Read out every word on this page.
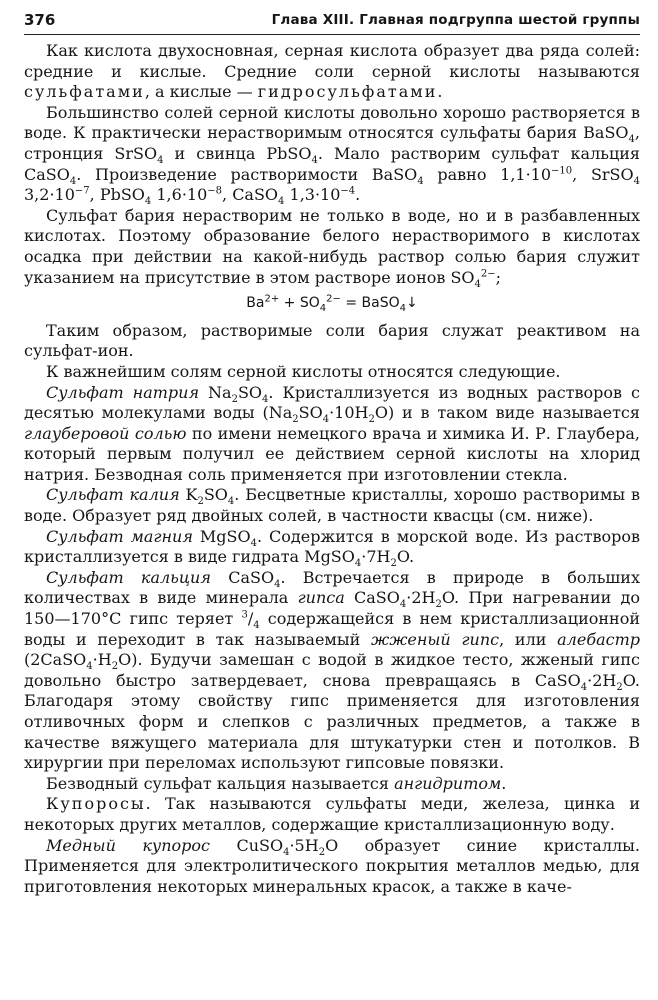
376	Глава XIII. Главная подгруппа шестой группы

Как кислота двухосновная, серная кислота образует два ряда солей: средние и кислые. Средние соли серной кислоты называются сульфатами, а кислые — гидросульфатами.

Большинство солей серной кислоты довольно хорошо растворяется в воде. К практически нерастворимым относятся сульфаты бария BaSO$_4$, стронция SrSO$_4$ и свинца PbSO$_4$. Мало растворим сульфат кальция CaSO$_4$. Произведение растворимости BaSO$_4$ равно $1,1\cdot 10^{-10}$, SrSO$_4$ $3,2\cdot 10^{-7}$, PbSO$_4$ $1,6\cdot 10^{-8}$, CaSO$_4$ $1,3\cdot 10^{-4}$.

Сульфат бария нерастворим не только в воде, но и в разбавленных кислотах. Поэтому образование белого нерастворимого в кислотах осадка при действии на какой-нибудь раствор солью бария служит указанием на присутствие в этом растворе ионов $SO_4^{2-}$;

$Ba^{2+} + SO_4^{2-}$ = BaSO$_4$↓

Таким образом, растворимые соли бария служат реактивом на сульфат-ион.

К важнейшим солям серной кислоты относятся следующие.

Сульфат натрия $Na_2SO_4$. Кристаллизуется из водных растворов с десятью молекулами воды $(Na_2SO_4\cdot 10H_2O)$ и в таком виде называется глауберовой солью по имени немецкого врача и химика И. Р. Глаубера, который первым получил ее действием серной кислоты на хлорид натрия. Безводная соль применяется при изготовлении стекла.

Сульфат калия $K_2SO_4$. Бесцветные кристаллы, хорошо растворимы в воде. Образует ряд двойных солей, в частности квасцы (см. ниже).

Сульфат магния MgSO$_4$. Содержится в морской воде. Из растворов кристаллизуется в виде гидрата $MgSO_4\cdot 7H_2O$.

Сульфат кальция CaSO$_4$. Встречается в природе в больших количествах в виде минерала гипса $CaSO_4\cdot 2H_2O$. При нагревании до 150—170°C гипс теряет $^3/_4$ содержащейся в нем кристаллизационной воды и переходит в так называемый жженый гипс, или алебастр $(2CaSO_4\cdot H_2O)$. Будучи замешан с водой в жидкое тесто, жженый гипс довольно быстро затвердевает, снова превращаясь в $CaSO_4\cdot 2H_2O$. Благодаря этому свойству гипс применяется для изготовления отливочных форм и слепков с различных предметов, а также в качестве вяжущего материала для штукатурки стен и потолков. В хирургии при переломах используют гипсовые повязки.

Безводный сульфат кальция называется ангидритом.

Купоросы. Так называются сульфаты меди, железа, цинка и некоторых других металлов, содержащие кристаллизационную воду.

Медный купорос $CuSO_4\cdot 5H_2O$ образует синие кристаллы. Применяется для электролитического покрытия металлов медью, для приготовления некоторых минеральных красок, а также в каче-
